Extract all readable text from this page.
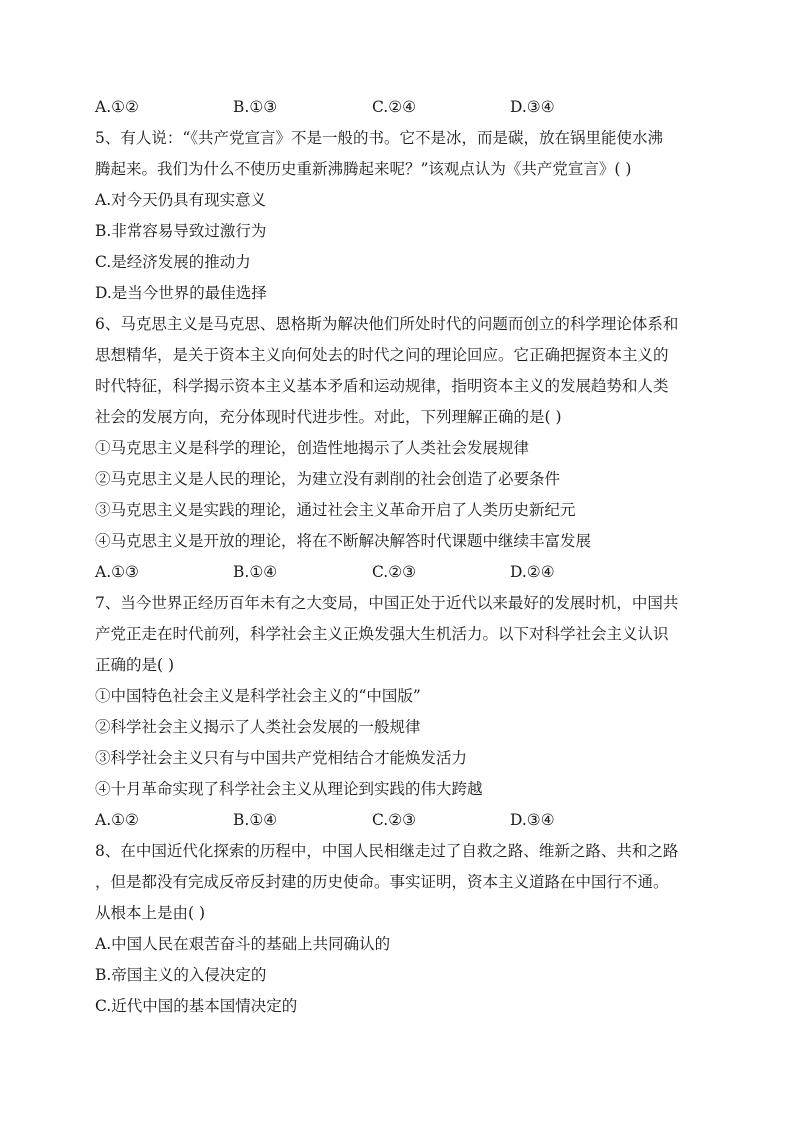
A.①②	B.①③	C.②④	D.③④
5、有人说：“《共产党宣言》不是一般的书。它不是冰，而是碳，放在锅里能使水沸
腾起来。我们为什么不使历史重新沸腾起来呢？”该观点认为《共产党宣言》( )
A.对今天仍具有现实意义
B.非常容易导致过激行为
C.是经济发展的推动力
D.是当今世界的最佳选择
6、马克思主义是马克思、恩格斯为解决他们所处时代的问题而创立的科学理论体系和
思想精华，是关于资本主义向何处去的时代之问的理论回应。它正确把握资本主义的
时代特征，科学揭示资本主义基本矛盾和运动规律，指明资本主义的发展趋势和人类
社会的发展方向，充分体现时代进步性。对此，下列理解正确的是( )
①马克思主义是科学的理论，创造性地揭示了人类社会发展规律
②马克思主义是人民的理论，为建立没有剥削的社会创造了必要条件
③马克思主义是实践的理论，通过社会主义革命开启了人类历史新纪元
④马克思主义是开放的理论，将在不断解决解答时代课题中继续丰富发展
A.①③	B.①④	C.②③	D.②④
7、当今世界正经历百年未有之大变局，中国正处于近代以来最好的发展时机，中国共
产党正走在时代前列，科学社会主义正焕发强大生机活力。以下对科学社会主义认识
正确的是( )
①中国特色社会主义是科学社会主义的“中国版”
②科学社会主义揭示了人类社会发展的一般规律
③科学社会主义只有与中国共产党相结合才能焕发活力
④十月革命实现了科学社会主义从理论到实践的伟大跨越
A.①②	B.①④	C.②③	D.③④
8、在中国近代化探索的历程中，中国人民相继走过了自救之路、维新之路、共和之路
，但是都没有完成反帝反封建的历史使命。事实证明，资本主义道路在中国行不通。
从根本上是由( )
A.中国人民在艰苦奋斗的基础上共同确认的
B.帝国主义的入侵决定的
C.近代中国的基本国情决定的
